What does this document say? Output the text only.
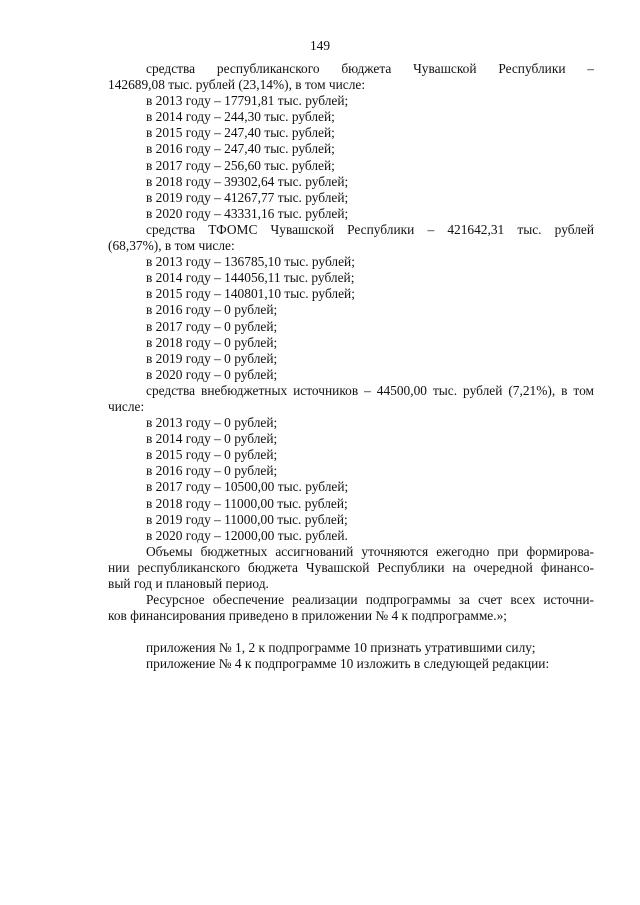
149

средства республиканского бюджета Чувашской Республики –

142689,08 тыс. рублей (23,14%), в том числе:

в 2013 году – 17791,81 тыс. рублей;

в 2014 году – 244,30 тыс. рублей;

в 2015 году – 247,40 тыс. рублей;

в 2016 году – 247,40 тыс. рублей;

в 2017 году – 256,60 тыс. рублей;

в 2018 году – 39302,64 тыс. рублей;

в 2019 году – 41267,77 тыс. рублей;

в 2020 году – 43331,16 тыс. рублей;

средства ТФОМС Чувашской Республики – 421642,31 тыс. рублей

(68,37%), в том числе:

в 2013 году – 136785,10 тыс. рублей;

в 2014 году – 144056,11 тыс. рублей;

в 2015 году – 140801,10 тыс. рублей;

в 2016 году – 0 рублей;

в 2017 году – 0 рублей;

в 2018 году – 0 рублей;

в 2019 году – 0 рублей;

в 2020 году – 0 рублей;

средства внебюджетных источников – 44500,00 тыс. рублей (7,21%), в том

числе:

в 2013 году – 0 рублей;

в 2014 году – 0 рублей;

в 2015 году – 0 рублей;

в 2016 году – 0 рублей;

в 2017 году – 10500,00 тыс. рублей;

в 2018 году – 11000,00 тыс. рублей;

в 2019 году – 11000,00 тыс. рублей;

в 2020 году – 12000,00 тыс. рублей.

Объемы бюджетных ассигнований уточняются ежегодно при формирова-

нии республиканского бюджета Чувашской Республики на очередной финансо-

вый год и плановый период.

Ресурсное обеспечение реализации подпрограммы за счет всех источни-

ков финансирования приведено в приложении № 4 к подпрограмме.»;

приложения № 1, 2 к подпрограмме 10 признать утратившими силу;

приложение № 4 к подпрограмме 10 изложить в следующей редакции:
